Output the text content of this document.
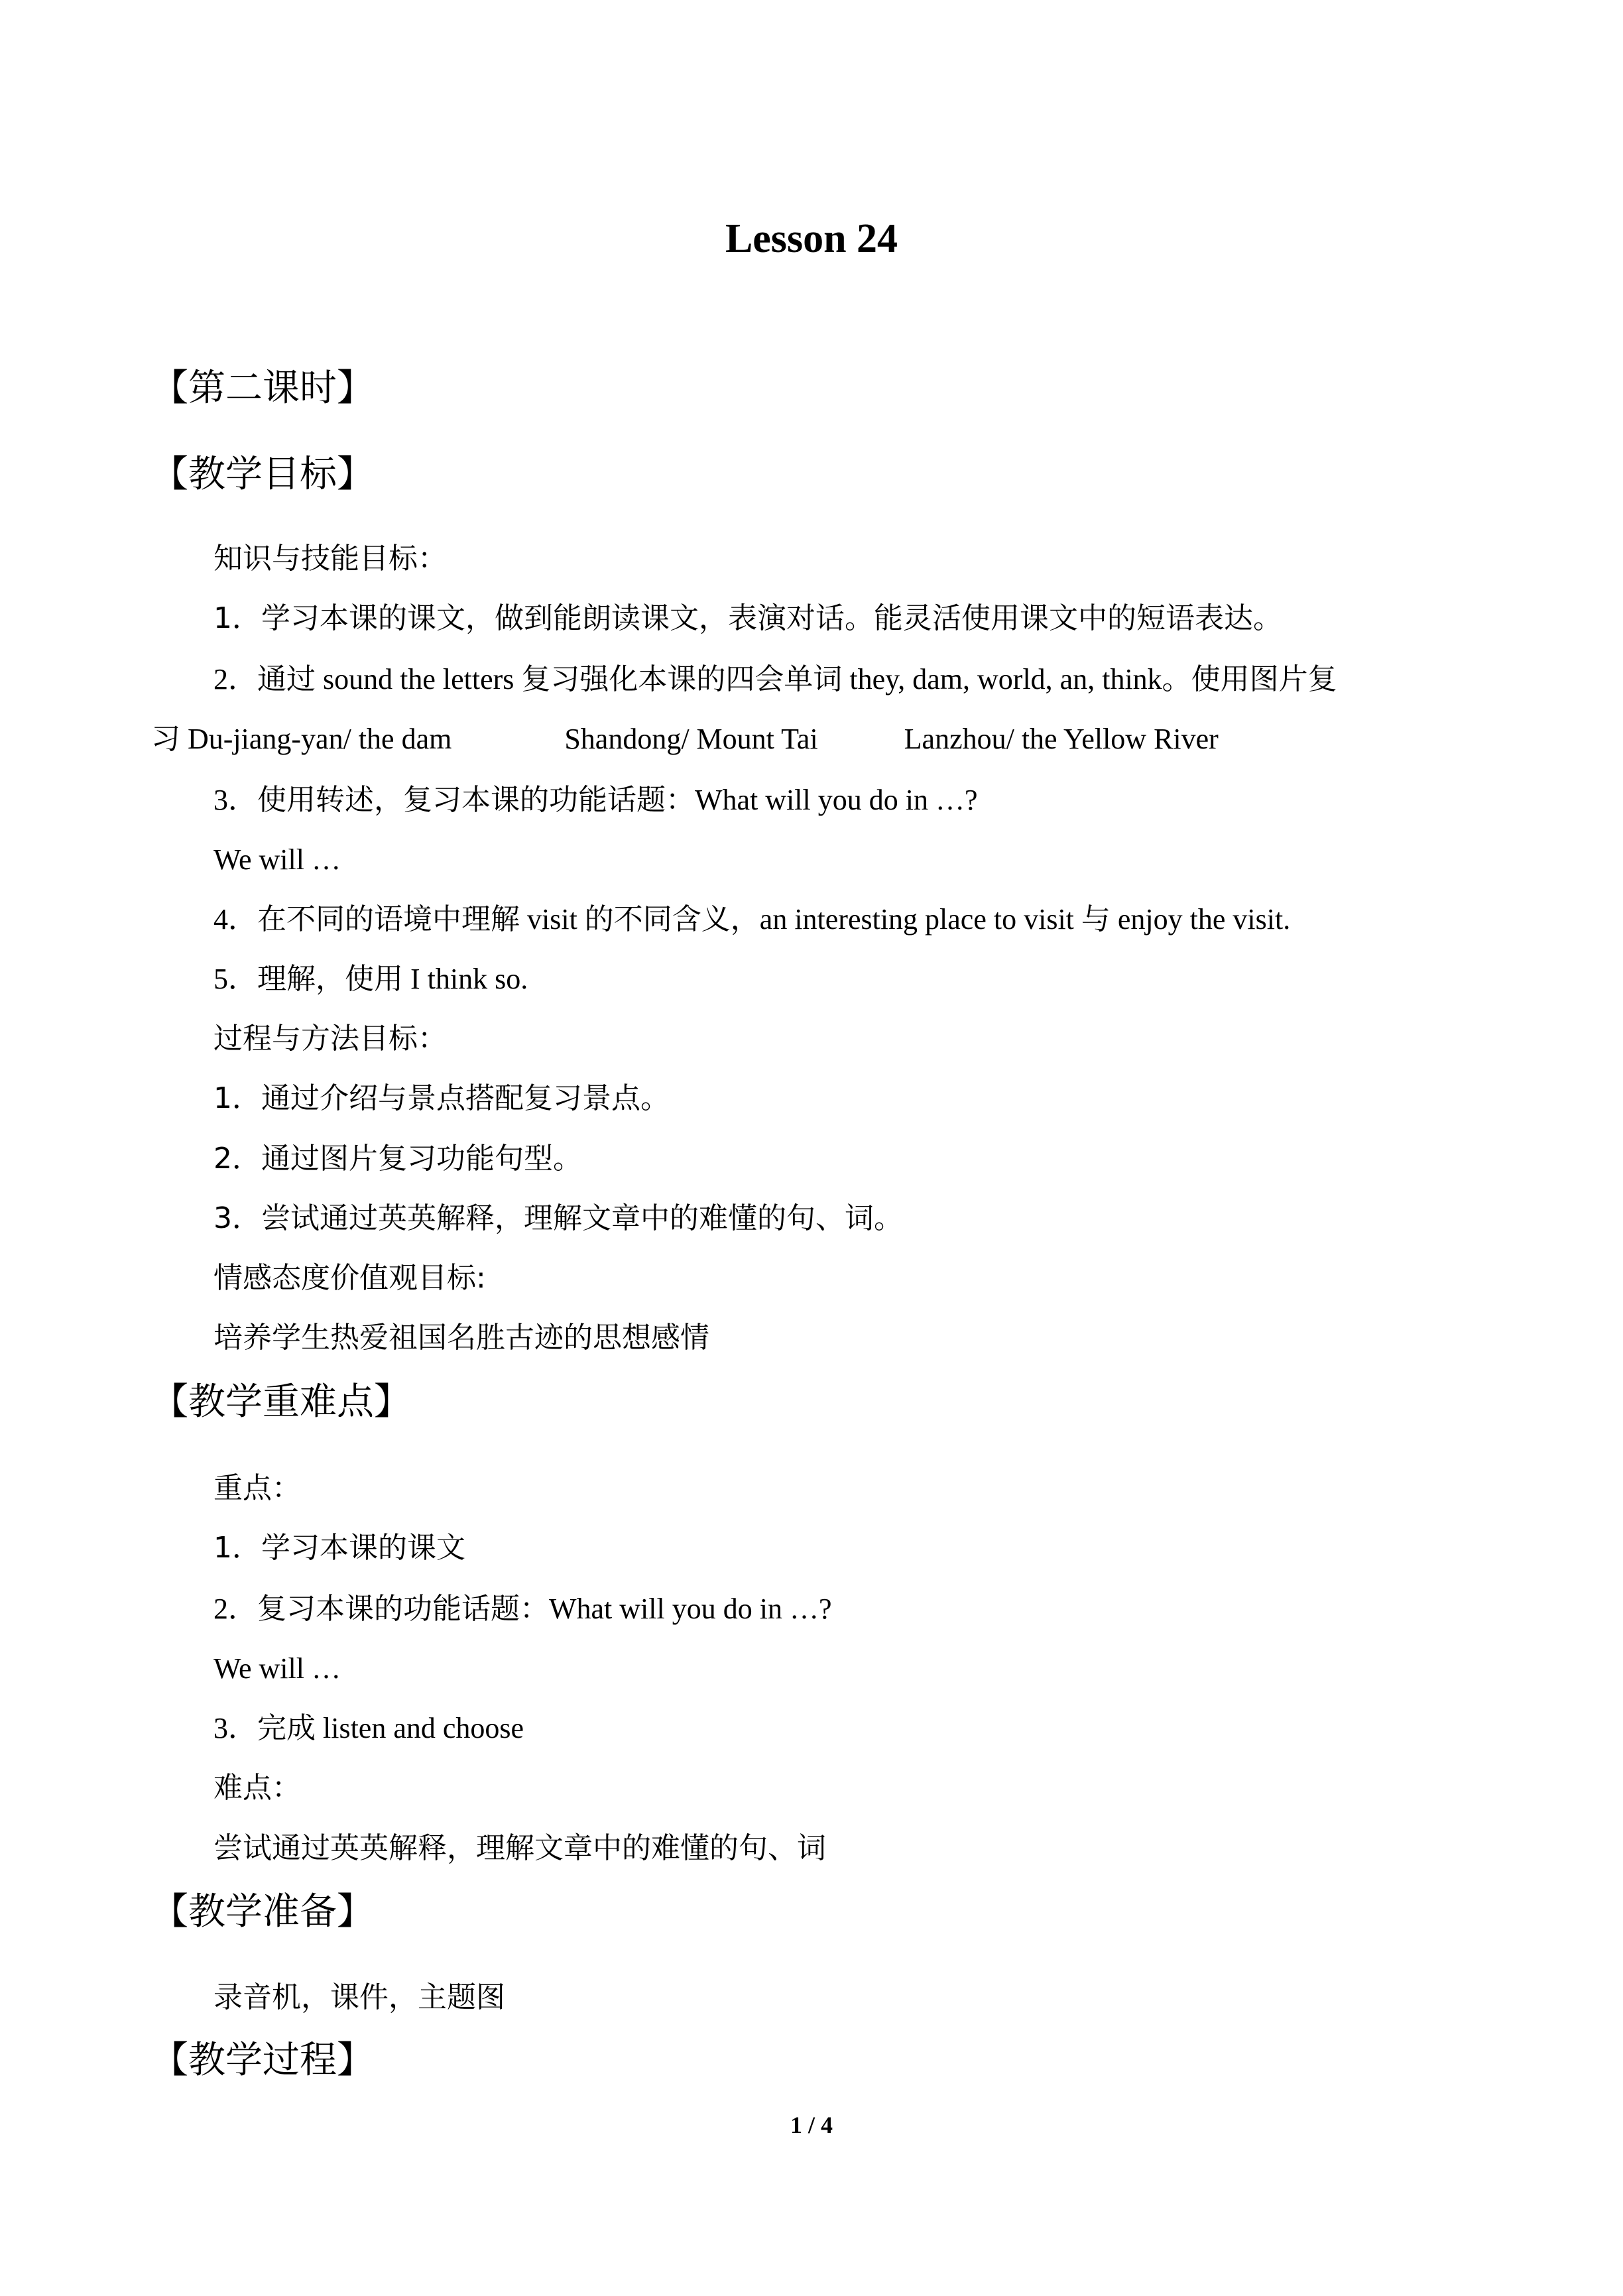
Lesson 24
【第二课时】
【教学目标】
知识与技能目标：
1．学习本课的课文，做到能朗读课文，表演对话。能灵活使用课文中的短语表达。
2．通过 sound the letters 复习强化本课的四会单词 they, dam, world, an, think。使用图片复
习 Du-jiang-yan/ the dam	Shandong/ Mount Tai	Lanzhou/ the Yellow River
3．使用转述，复习本课的功能话题：What will you do in …?
We will …
4．在不同的语境中理解 visit 的不同含义，an interesting place to visit 与 enjoy the visit.
5．理解，使用 I think so.
过程与方法目标：
1．通过介绍与景点搭配复习景点。
2．通过图片复习功能句型。
3．尝试通过英英解释，理解文章中的难懂的句、词。
情感态度价值观目标:
培养学生热爱祖国名胜古迹的思想感情
【教学重难点】
重点：
1．学习本课的课文
2．复习本课的功能话题：What will you do in …?
We will …
3．完成 listen and choose
难点：
尝试通过英英解释，理解文章中的难懂的句、词
【教学准备】
录音机，课件，主题图
【教学过程】
1 / 4
